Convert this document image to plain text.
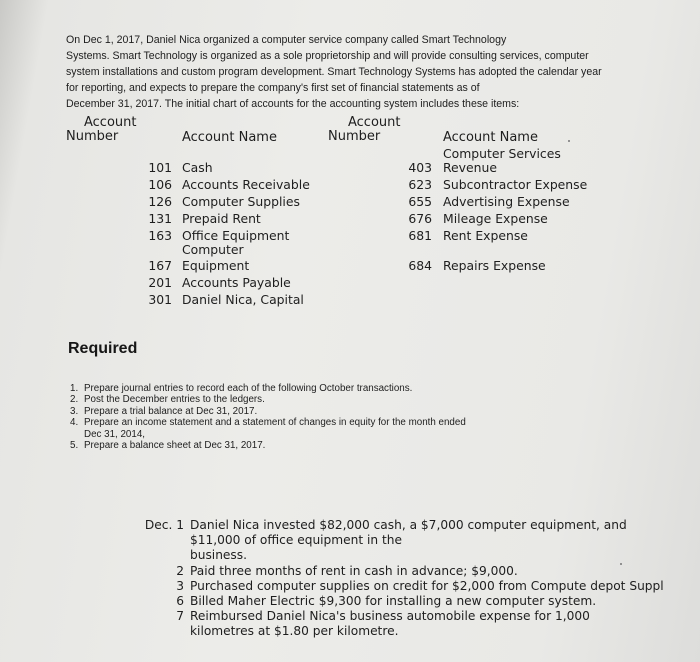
On Dec 1, 2017, Daniel Nica organized a computer service company called Smart Technology

Systems. Smart Technology is organized as a sole proprietorship and will provide consulting services, computer

system installations and custom program development. Smart Technology Systems has adopted the calendar year

for reporting, and expects to prepare the company's first set of financial statements as of

December 31, 2017. The initial chart of accounts for the accounting system includes these items:

Account
Number	Account Name
Account
Number	Account Name
101 Cash
106 Accounts Receivable
126 Computer Supplies
131 Prepaid Rent
163 Office Equipment
Computer
167 Equipment
201 Accounts Payable
301 Daniel Nica, Capital
Computer Services
403 Revenue
623 Subcontractor Expense
655 Advertising Expense
676 Mileage Expense
681 Rent Expense
684 Repairs Expense
Required
1. Prepare journal entries to record each of the following October transactions.
2. Post the December entries to the ledgers.
3. Prepare a trial balance at Dec 31, 2017.
4. Prepare an income statement and a statement of changes in equity for the month ended
Dec 31, 2014,
5. Prepare a balance sheet at Dec 31, 2017.
Dec. 1 Daniel Nica invested $82,000 cash, a $7,000 computer equipment, and
$11,000 of office equipment in the
business.
2 Paid three months of rent in cash in advance; $9,000.
3 Purchased computer supplies on credit for $2,000 from Compute depot Suppl
6 Billed Maher Electric $9,300 for installing a new computer system.
7 Reimbursed Daniel Nica's business automobile expense for 1,000
kilometres at $1.80 per kilometre.
